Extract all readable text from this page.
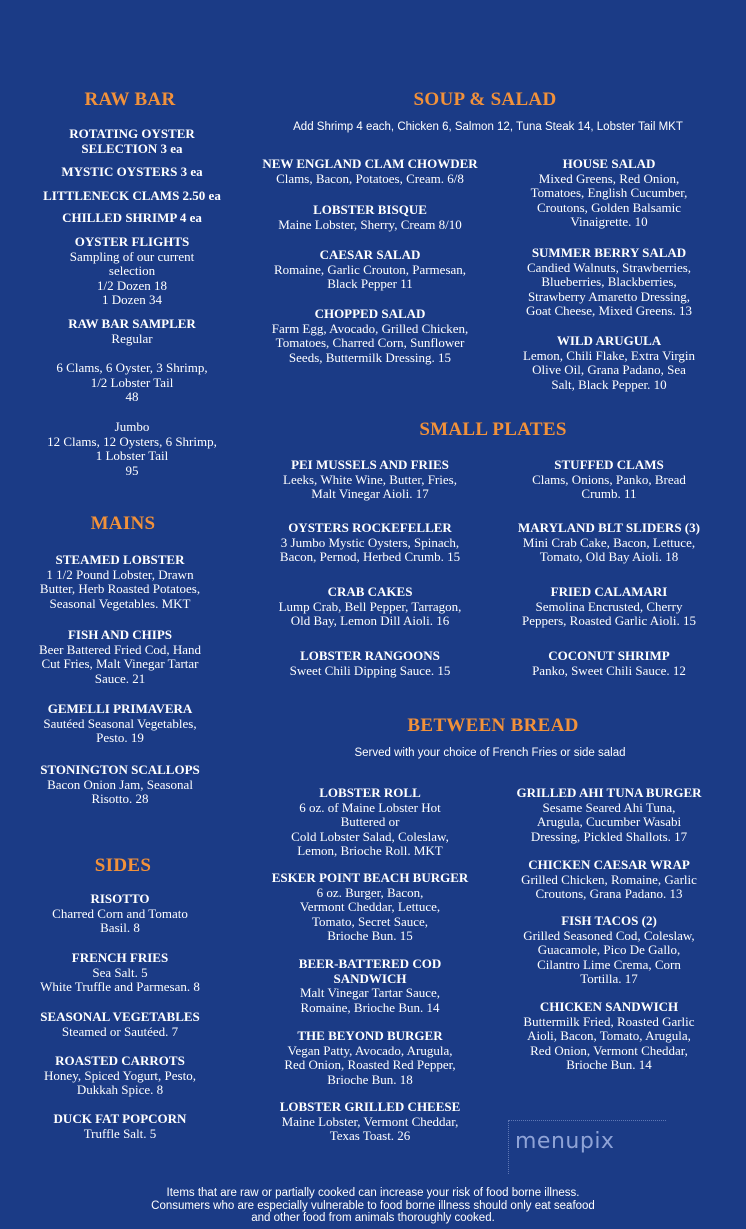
RAW BAR
ROTATING OYSTER
SELECTION 3 ea
MYSTIC OYSTERS 3 ea
LITTLENECK CLAMS 2.50 ea
CHILLED SHRIMP 4 ea
OYSTER FLIGHTS
Sampling of our current
selection
1/2 Dozen 18
1 Dozen 34
RAW BAR SAMPLER
Regular
6 Clams, 6 Oyster, 3 Shrimp,
1/2 Lobster Tail
48
Jumbo
12 Clams, 12 Oysters, 6 Shrimp,
1 Lobster Tail
95
MAINS
STEAMED LOBSTER
1 1/2 Pound Lobster, Drawn
Butter, Herb Roasted Potatoes,
Seasonal Vegetables. MKT
FISH AND CHIPS
Beer Battered Fried Cod, Hand
Cut Fries, Malt Vinegar Tartar
Sauce. 21
GEMELLI PRIMAVERA
Sautéed Seasonal Vegetables,
Pesto. 19
STONINGTON SCALLOPS
Bacon Onion Jam, Seasonal
Risotto. 28
SIDES
RISOTTO
Charred Corn and Tomato
Basil. 8
FRENCH FRIES
Sea Salt. 5
White Truffle and Parmesan. 8
SEASONAL VEGETABLES
Steamed or Sautéed. 7
ROASTED CARROTS
Honey, Spiced Yogurt, Pesto,
Dukkah Spice. 8
DUCK FAT POPCORN
Truffle Salt. 5
SOUP & SALAD
Add Shrimp 4 each, Chicken 6, Salmon 12, Tuna Steak 14, Lobster Tail MKT
NEW ENGLAND CLAM CHOWDER
Clams, Bacon, Potatoes, Cream. 6/8
LOBSTER BISQUE
Maine Lobster, Sherry, Cream 8/10
CAESAR SALAD
Romaine, Garlic Crouton, Parmesan,
Black Pepper 11
CHOPPED SALAD
Farm Egg, Avocado, Grilled Chicken,
Tomatoes, Charred Corn, Sunflower
Seeds, Buttermilk Dressing. 15
HOUSE SALAD
Mixed Greens, Red Onion,
Tomatoes, English Cucumber,
Croutons, Golden Balsamic
Vinaigrette. 10
SUMMER BERRY SALAD
Candied Walnuts, Strawberries,
Blueberries, Blackberries,
Strawberry Amaretto Dressing,
Goat Cheese, Mixed Greens. 13
WILD ARUGULA
Lemon, Chili Flake, Extra Virgin
Olive Oil, Grana Padano, Sea
Salt, Black Pepper. 10
SMALL PLATES
PEI MUSSELS AND FRIES
Leeks, White Wine, Butter, Fries,
Malt Vinegar Aioli. 17
OYSTERS ROCKEFELLER
3 Jumbo Mystic Oysters, Spinach,
Bacon, Pernod, Herbed Crumb. 15
CRAB CAKES
Lump Crab, Bell Pepper, Tarragon,
Old Bay, Lemon Dill Aioli. 16
LOBSTER RANGOONS
Sweet Chili Dipping Sauce. 15
STUFFED CLAMS
Clams, Onions, Panko, Bread
Crumb. 11
MARYLAND BLT SLIDERS (3)
Mini Crab Cake, Bacon, Lettuce,
Tomato, Old Bay Aioli. 18
FRIED CALAMARI
Semolina Encrusted, Cherry
Peppers, Roasted Garlic Aioli. 15
COCONUT SHRIMP
Panko, Sweet Chili Sauce. 12
BETWEEN BREAD
Served with your choice of French Fries or side salad
LOBSTER ROLL
6 oz. of Maine Lobster Hot
Buttered or
Cold Lobster Salad, Coleslaw,
Lemon, Brioche Roll. MKT
ESKER POINT BEACH BURGER
6 oz. Burger, Bacon,
Vermont Cheddar, Lettuce,
Tomato, Secret Sauce,
Brioche Bun. 15
BEER-BATTERED COD
SANDWICH
Malt Vinegar Tartar Sauce,
Romaine, Brioche Bun. 14
THE BEYOND BURGER
Vegan Patty, Avocado, Arugula,
Red Onion, Roasted Red Pepper,
Brioche Bun. 18
LOBSTER GRILLED CHEESE
Maine Lobster, Vermont Cheddar,
Texas Toast. 26
GRILLED AHI TUNA BURGER
Sesame Seared Ahi Tuna,
Arugula, Cucumber Wasabi
Dressing, Pickled Shallots. 17
CHICKEN CAESAR WRAP
Grilled Chicken, Romaine, Garlic
Croutons, Grana Padano. 13
FISH TACOS (2)
Grilled Seasoned Cod, Coleslaw,
Guacamole, Pico De Gallo,
Cilantro Lime Crema, Corn
Tortilla. 17
CHICKEN SANDWICH
Buttermilk Fried, Roasted Garlic
Aioli, Bacon, Tomato, Arugula,
Red Onion, Vermont Cheddar,
Brioche Bun. 14
menupix
Items that are raw or partially cooked can increase your risk of food borne illness.
Consumers who are especially vulnerable to food borne illness should only eat seafood
and other food from animals thoroughly cooked.
